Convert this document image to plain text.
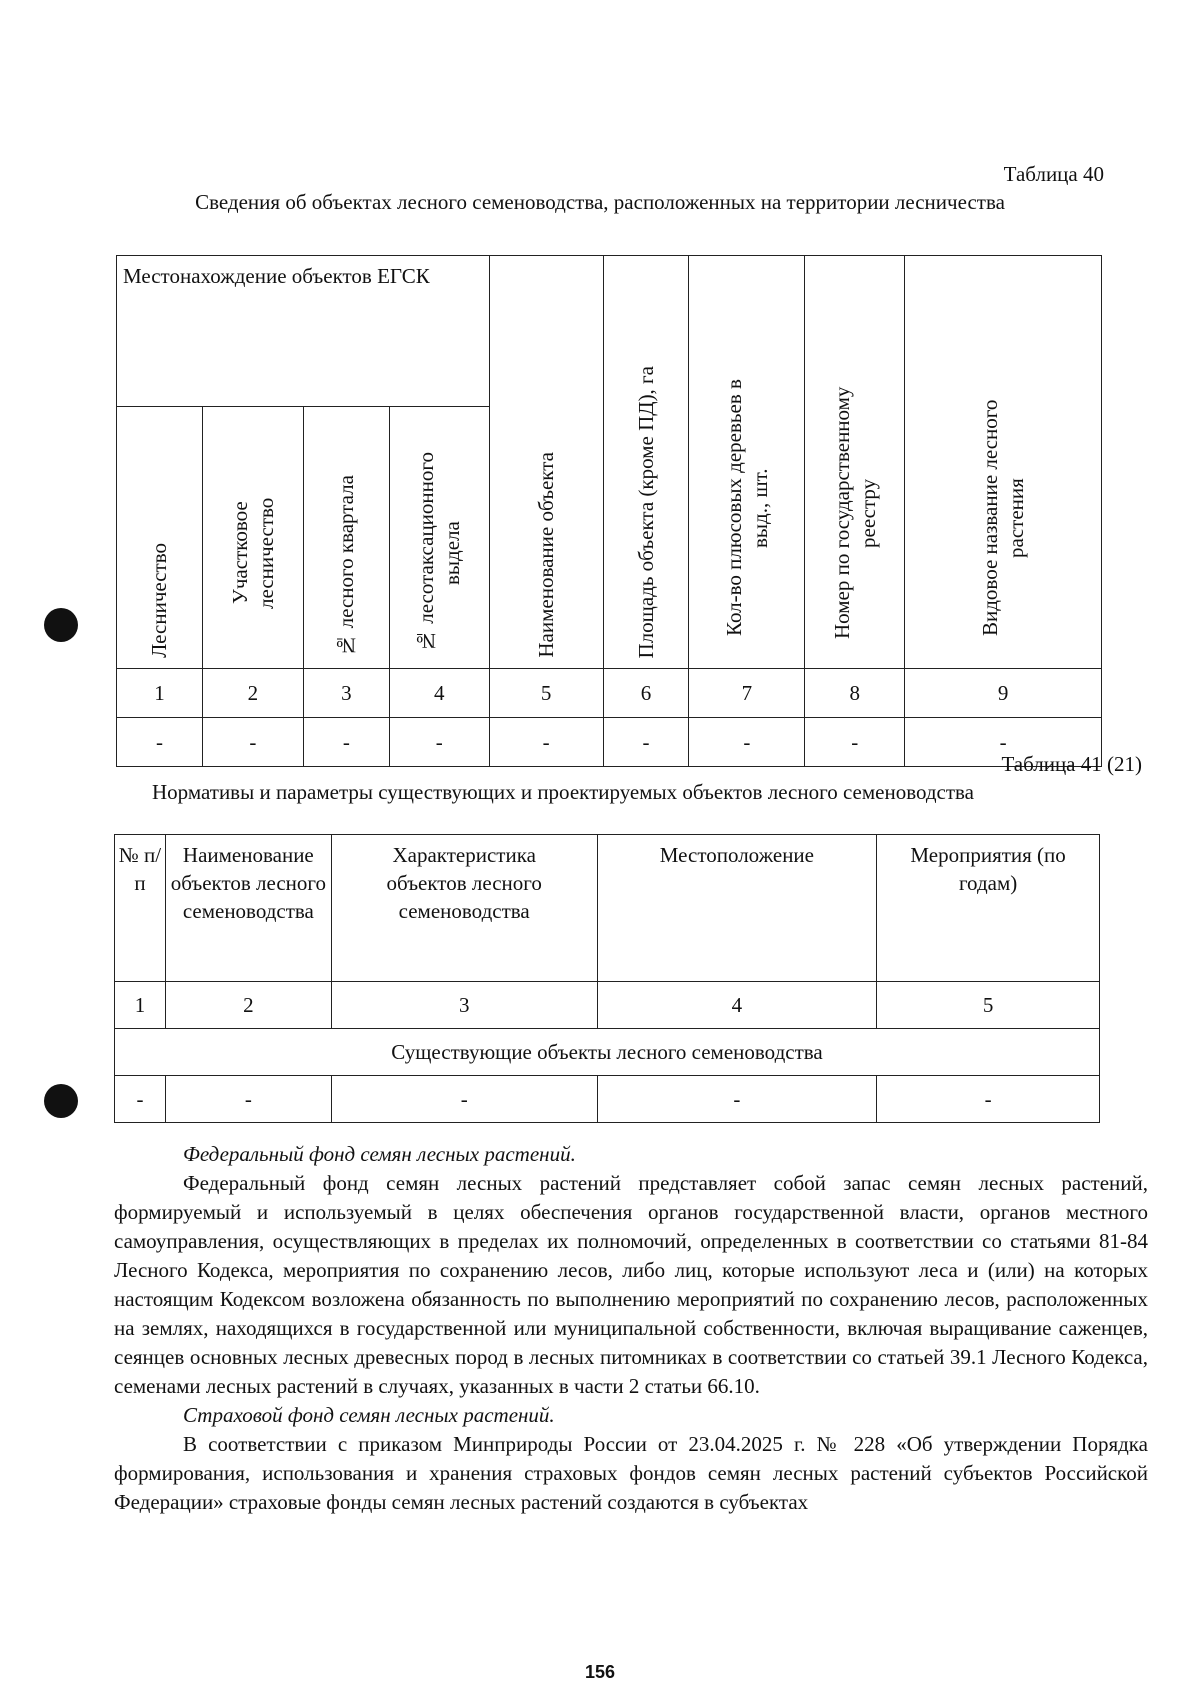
Таблица 40
Сведения об объектах лесного семеноводства, расположенных на территории лесничества
Местонахождение объектов ЕГСК				Наименование объекта	Площадь объекта (кроме ПД), га	Кол-во плюсовых деревьев в выд., шт.	Номер по государственному реестру	Видовое название лесного растения

Лесничество	Участковое лесничество	№ лесного квартала	№ лесотаксационного выдела					

1	2	3	4	5	6	7	8	9
-	-	-	-	-	-	-	-	-
Таблица 41 (21)
Нормативы и параметры существующих и проектируемых объектов лесного семеноводства
№ п/п	Наименование объектов лесного семеноводства	Характеристика объектов лесного семеноводства	Местоположение	Мероприятия (по годам)
1	2	3	4	5
Существующие объекты лесного семеноводства				
-	-	-	-	-

Федеральный фонд семян лесных растений.

Федеральный фонд семян лесных растений представляет собой запас семян лесных растений, формируемый и используемый в целях обеспечения органов государственной власти, органов местного самоуправления, осуществляющих в пределах их полномочий, определенных в соответствии со статьями 81-84 Лесного Кодекса, мероприятия по сохранению лесов, либо лиц, которые используют леса и (или) на которых настоящим Кодексом возложена обязанность по выполнению мероприятий по сохранению лесов, расположенных на землях, находящихся в государственной или муниципальной собственности, включая выращивание саженцев, сеянцев основных лесных древесных пород в лесных питомниках в соответствии со статьей 39.1 Лесного Кодекса, семенами лесных растений в случаях, указанных в части 2 статьи 66.10.

Страховой фонд семян лесных растений.

В соответствии с приказом Минприроды России от 23.04.2025 г. № 228 «Об утверждении Порядка формирования, использования и хранения страховых фондов семян лесных растений субъектов Российской Федерации» страховые фонды семян лесных растений создаются в субъектах

156
